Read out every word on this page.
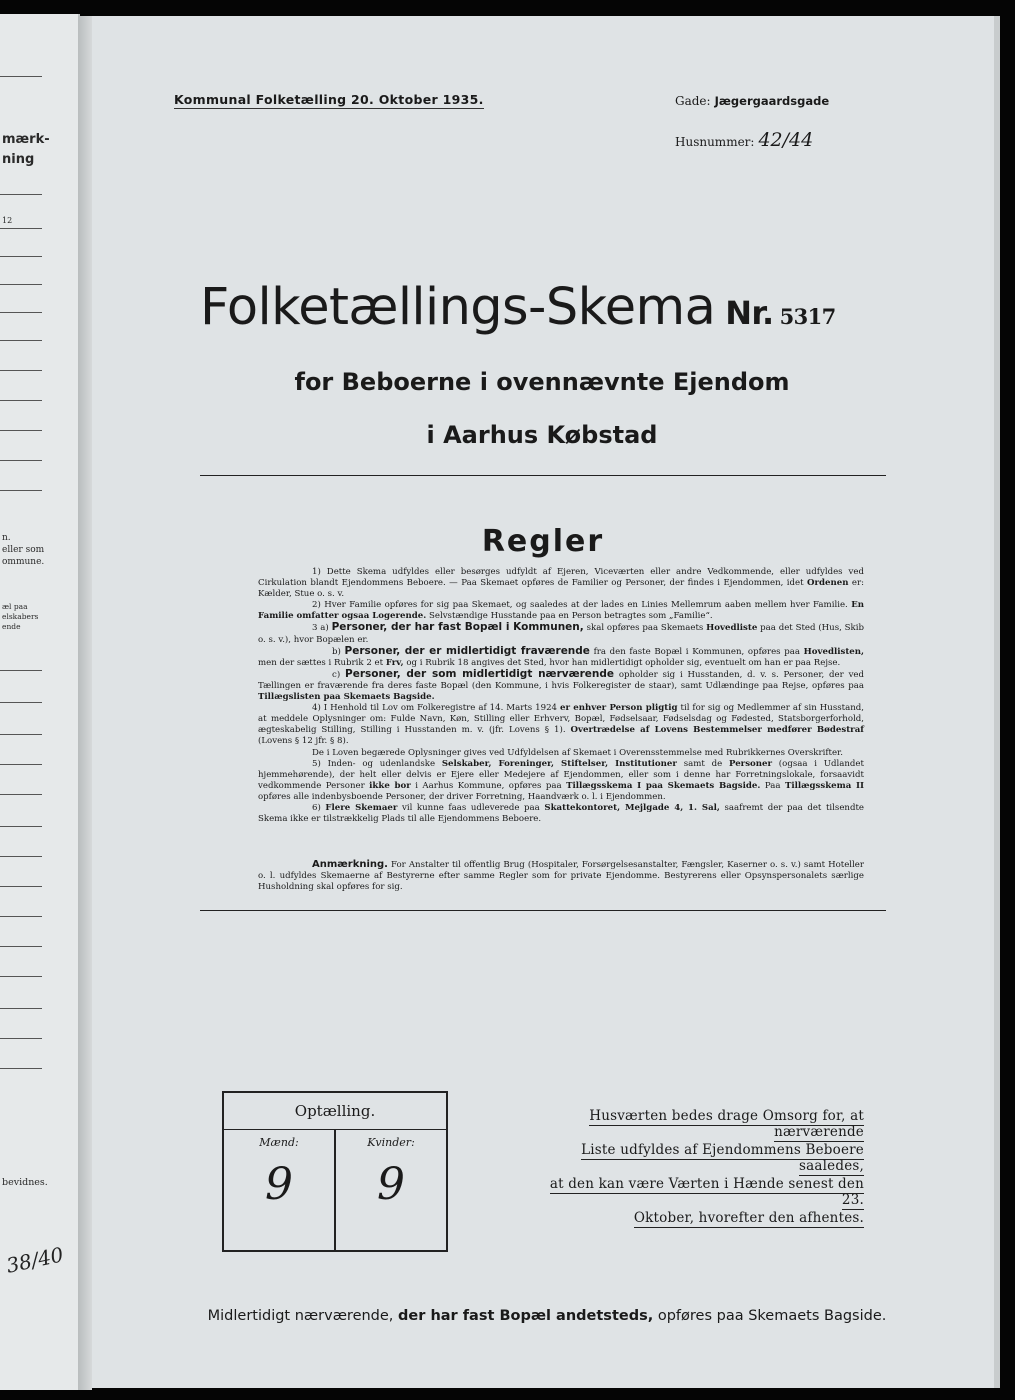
mærk-
ning
12
n.
eller som
ommune.
æl paa
elskabers
ende
bevidnes.
38/40
Kommunal Folketælling 20. Oktober 1935.	Gade: Jægergaardsgade
Husnummer: 42/44
Folketællings-Skema Nr. 5317
for Beboerne i ovennævnte Ejendom
i Aarhus Købstad
Regler

1) Dette Skema udfyldes eller besørges udfyldt af Ejeren, Viceværten eller andre Vedkommende, eller udfyldes ved Cirkulation blandt Ejendommens Beboere. — Paa Skemaet opføres de Familier og Personer, der findes i Ejendommen, idet Ordenen er: Kælder, Stue o. s. v.

2) Hver Familie opføres for sig paa Skemaet, og saaledes at der lades en Linies Mellemrum aaben mellem hver Familie. En Familie omfatter ogsaa Logerende. Selvstændige Husstande paa en Person betragtes som „Familie“.

3 a) Personer, der har fast Bopæl i Kommunen, skal opføres paa Skemaets Hovedliste paa det Sted (Hus, Skib o. s. v.), hvor Bopælen er.

b) Personer, der er midlertidigt fraværende fra den faste Bopæl i Kommunen, opføres paa Hovedlisten, men der sættes i Rubrik 2 et Frv, og i Rubrik 18 angives det Sted, hvor han midlertidigt opholder sig, eventuelt om han er paa Rejse.

c) Personer, der som midlertidigt nærværende opholder sig i Husstanden, d. v. s. Personer, der ved Tællingen er fraværende fra deres faste Bopæl (den Kommune, i hvis Folkeregister de staar), samt Udlændinge paa Rejse, opføres paa Tillægslisten paa Skemaets Bagside.

4) I Henhold til Lov om Folkeregistre af 14. Marts 1924 er enhver Person pligtig til for sig og Medlemmer af sin Husstand, at meddele Oplysninger om: Fulde Navn, Køn, Stilling eller Erhverv, Bopæl, Fødselsaar, Fødselsdag og Fødested, Statsborgerforhold, ægteskabelig Stilling, Stilling i Husstanden m. v. (jfr. Lovens § 1). Overtrædelse af Lovens Bestemmelser medfører Bødestraf (Lovens § 12 jfr. § 8).

De i Loven begærede Oplysninger gives ved Udfyldelsen af Skemaet i Overensstemmelse med Rubrikkernes Overskrifter.

5) Inden- og udenlandske Selskaber, Foreninger, Stiftelser, Institutioner samt de Personer (ogsaa i Udlandet hjemmehørende), der helt eller delvis er Ejere eller Medejere af Ejendommen, eller som i denne har Forretningslokale, forsaavidt vedkommende Personer ikke bor i Aarhus Kommune, opføres paa Tillægsskema I paa Skemaets Bagside. Paa Tillægsskema II opføres alle indenbysboende Personer, der driver Forretning, Haandværk o. l. i Ejendommen.

6) Flere Skemaer vil kunne faas udleverede paa Skattekontoret, Mejlgade 4, 1. Sal, saafremt der paa det tilsendte Skema ikke er tilstrækkelig Plads til alle Ejendommens Beboere.

Anmærkning. For Anstalter til offentlig Brug (Hospitaler, Forsørgelsesanstalter, Fængsler, Kaserner o. s. v.) samt Hoteller o. l. udfyldes Skemaerne af Bestyrerne efter samme Regler som for private Ejendomme. Bestyrerens eller Opsynspersonalets særlige Husholdning skal opføres for sig.
Optælling.
Mænd:
9
Kvinder:
9
Husværten bedes drage Omsorg for, at nærværende
Liste udfyldes af Ejendommens Beboere saaledes,
at den kan være Værten i Hænde senest den 23.
Oktober, hvorefter den afhentes.
Midlertidigt nærværende, der har fast Bopæl andetsteds, opføres paa Skemaets Bagside.
